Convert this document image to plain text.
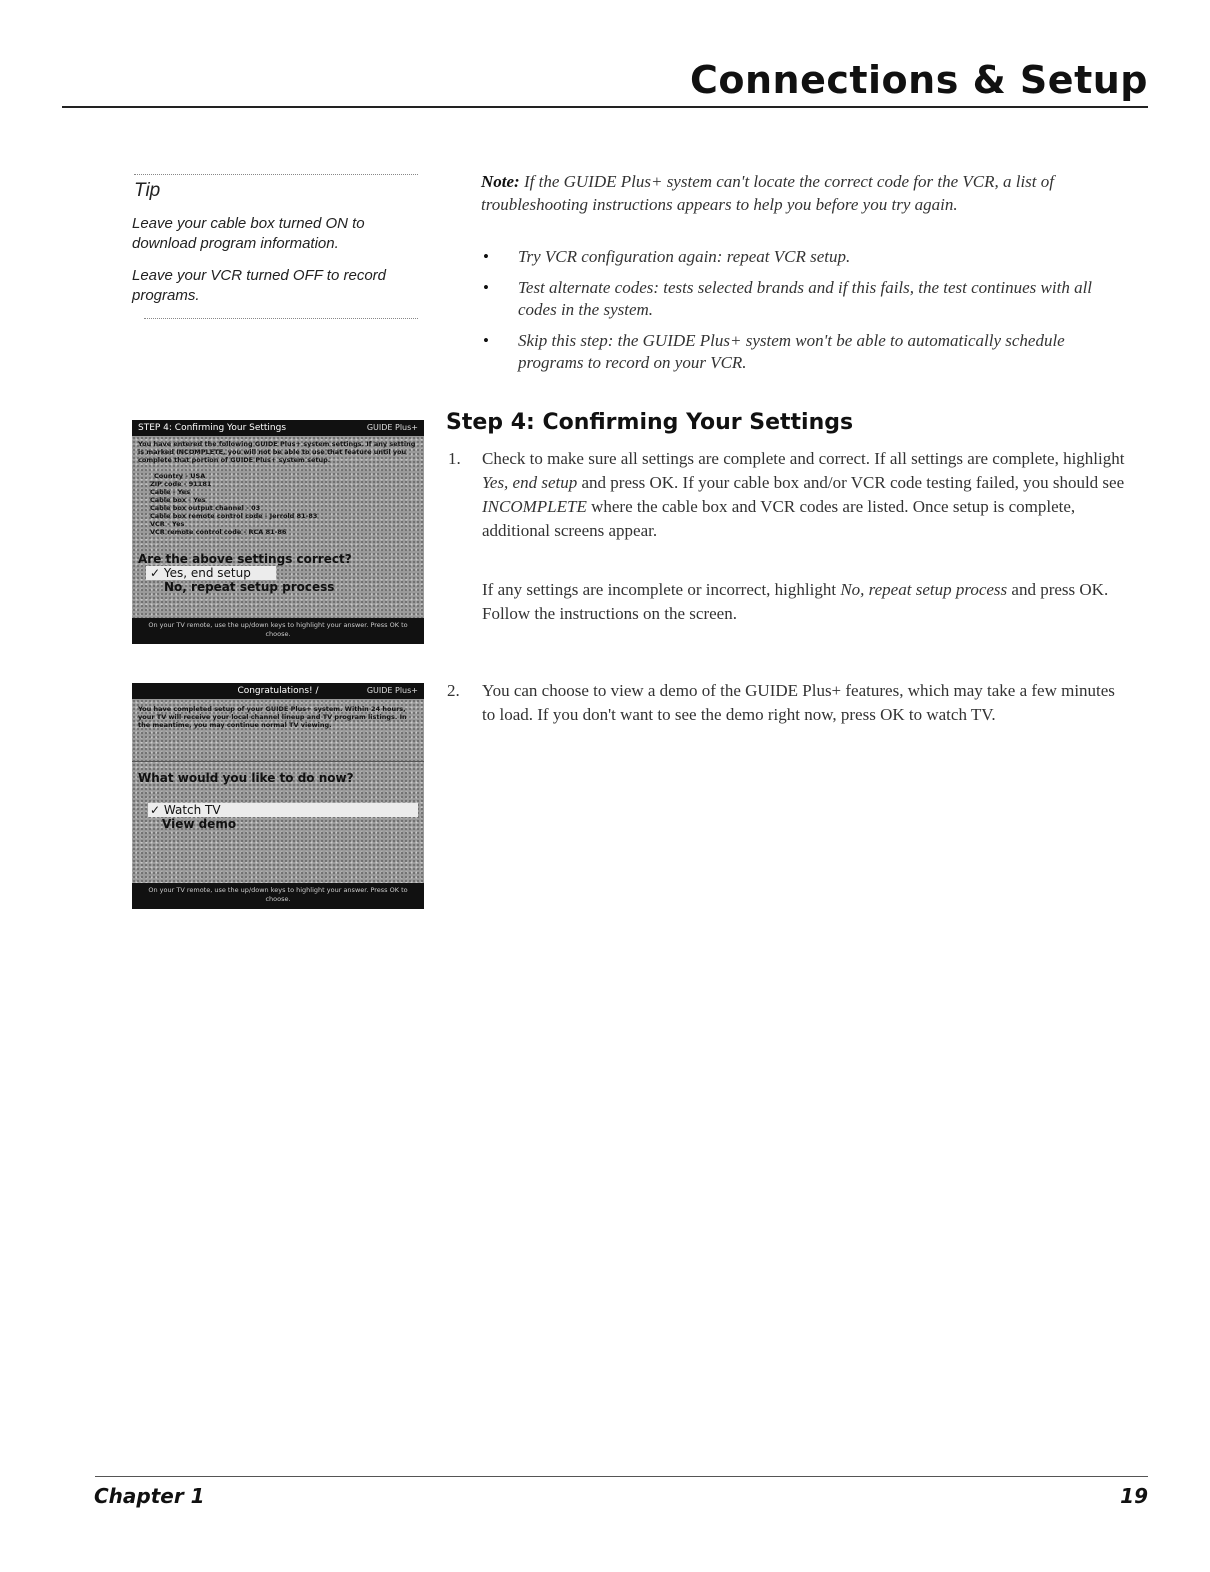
Connections & Setup
Tip
Leave your cable box turned ON to download program information.
Leave your VCR turned OFF to record programs.
Note: If the GUIDE Plus+ system can't locate the correct code for the VCR, a list of troubleshooting instructions appears to help you before you try again.
• Try VCR configuration again: repeat VCR setup.
• Test alternate codes: tests selected brands and if this fails, the test continues with all codes in the system.
• Skip this step: the GUIDE Plus+ system won't be able to automatically schedule programs to record on your VCR.
STEP 4: Confirming Your Settings	GUIDE Plus+
You have entered the following GUIDE Plus+ system settings. If any setting is marked INCOMPLETE, you will not be able to use that feature until you complete that portion of GUIDE Plus+ system setup.
Country - USA
ZIP code - 91181
Cable - Yes
Cable box - Yes
Cable box output channel - 03
Cable box remote control code - Jerrold 81-83
VCR - Yes
VCR remote control code - RCA 81-86
Are the above settings correct?
✓ Yes, end setup
No, repeat setup process
On your TV remote, use the up/down keys to highlight your answer. Press OK to choose.
Step 4: Confirming Your Settings
1. Check to make sure all settings are complete and correct. If all settings are complete, highlight Yes, end setup and press OK. If your cable box and/or VCR code testing failed, you should see INCOMPLETE where the cable box and VCR codes are listed. Once setup is complete, additional screens appear.
If any settings are incomplete or incorrect, highlight No, repeat setup process and press OK. Follow the instructions on the screen.
Congratulations! /	GUIDE Plus+
You have completed setup of your GUIDE Plus+ system. Within 24 hours, your TV will receive your local channel lineup and TV program listings. In the meantime, you may continue normal TV viewing.
What would you like to do now?
✓ Watch TV
View demo
On your TV remote, use the up/down keys to highlight your answer. Press OK to choose.
2. You can choose to view a demo of the GUIDE Plus+ features, which may take a few minutes to load. If you don't want to see the demo right now, press OK to watch TV.
Chapter 1	19
